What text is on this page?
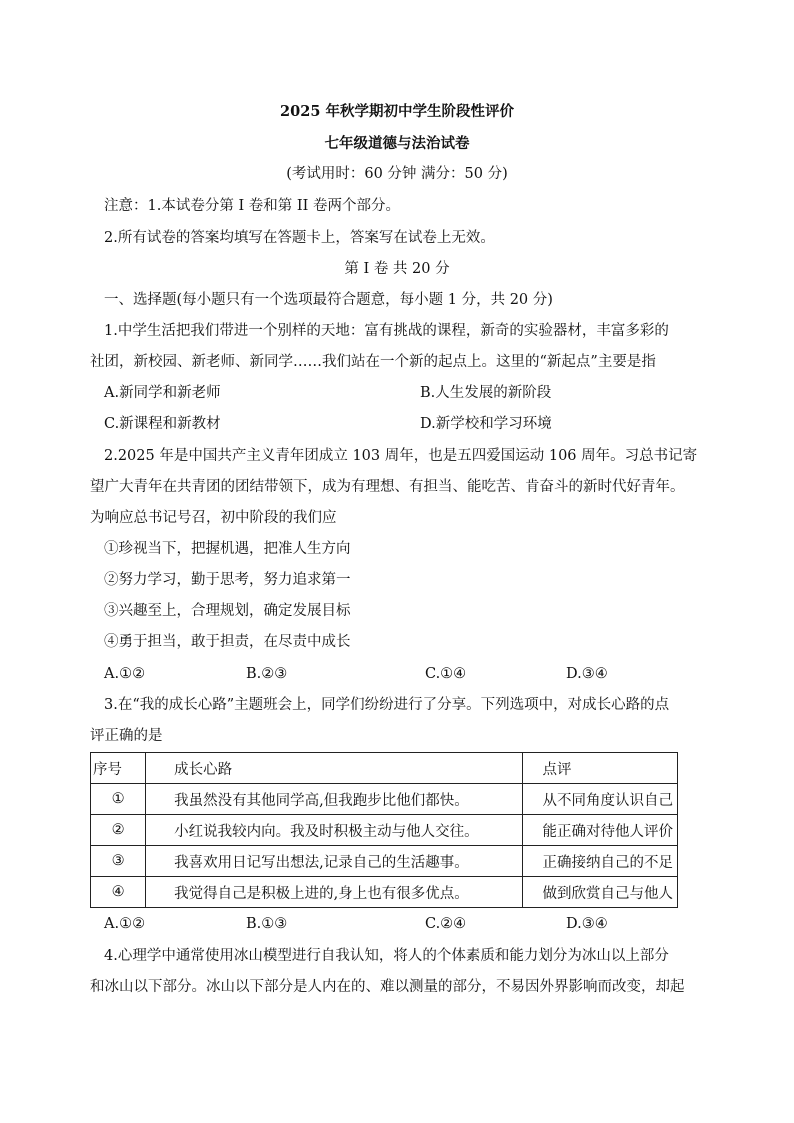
2025 年秋学期初中学生阶段性评价
七年级道德与法治试卷
(考试用时：60 分钟 满分：50 分)
注意：1.本试卷分第 I 卷和第 II 卷两个部分。
2.所有试卷的答案均填写在答题卡上，答案写在试卷上无效。
第 I 卷 共 20 分
一、选择题(每小题只有一个选项最符合题意，每小题 1 分，共 20 分)
1.中学生活把我们带进一个别样的天地：富有挑战的课程，新奇的实验器材，丰富多彩的
社团，新校园、新老师、新同学……我们站在一个新的起点上。这里的“新起点”主要是指
A.新同学和新老师	B.人生发展的新阶段
C.新课程和新教材	D.新学校和学习环境
2.2025 年是中国共产主义青年团成立 103 周年，也是五四爱国运动 106 周年。习总书记寄
望广大青年在共青团的团结带领下，成为有理想、有担当、能吃苦、肯奋斗的新时代好青年。
为响应总书记号召，初中阶段的我们应
①珍视当下，把握机遇，把准人生方向
②努力学习，勤于思考，努力追求第一
③兴趣至上，合理规划，确定发展目标
④勇于担当，敢于担责，在尽责中成长
A.①②	B.②③	C.①④	D.③④
3.在“我的成长心路”主题班会上，同学们纷纷进行了分享。下列选项中，对成长心路的点
评正确的是
序号	成长心路	点评
①	我虽然没有其他同学高,但我跑步比他们都快。	从不同角度认识自己
②	小红说我较内向。我及时积极主动与他人交往。	能正确对待他人评价
③	我喜欢用日记写出想法,记录自己的生活趣事。	正确接纳自己的不足
④	我觉得自己是积极上进的,身上也有很多优点。	做到欣赏自己与他人
A.①②	B.①③	C.②④	D.③④
4.心理学中通常使用冰山模型进行自我认知，将人的个体素质和能力划分为冰山以上部分
和冰山以下部分。冰山以下部分是人内在的、难以测量的部分，不易因外界影响而改变，却起
